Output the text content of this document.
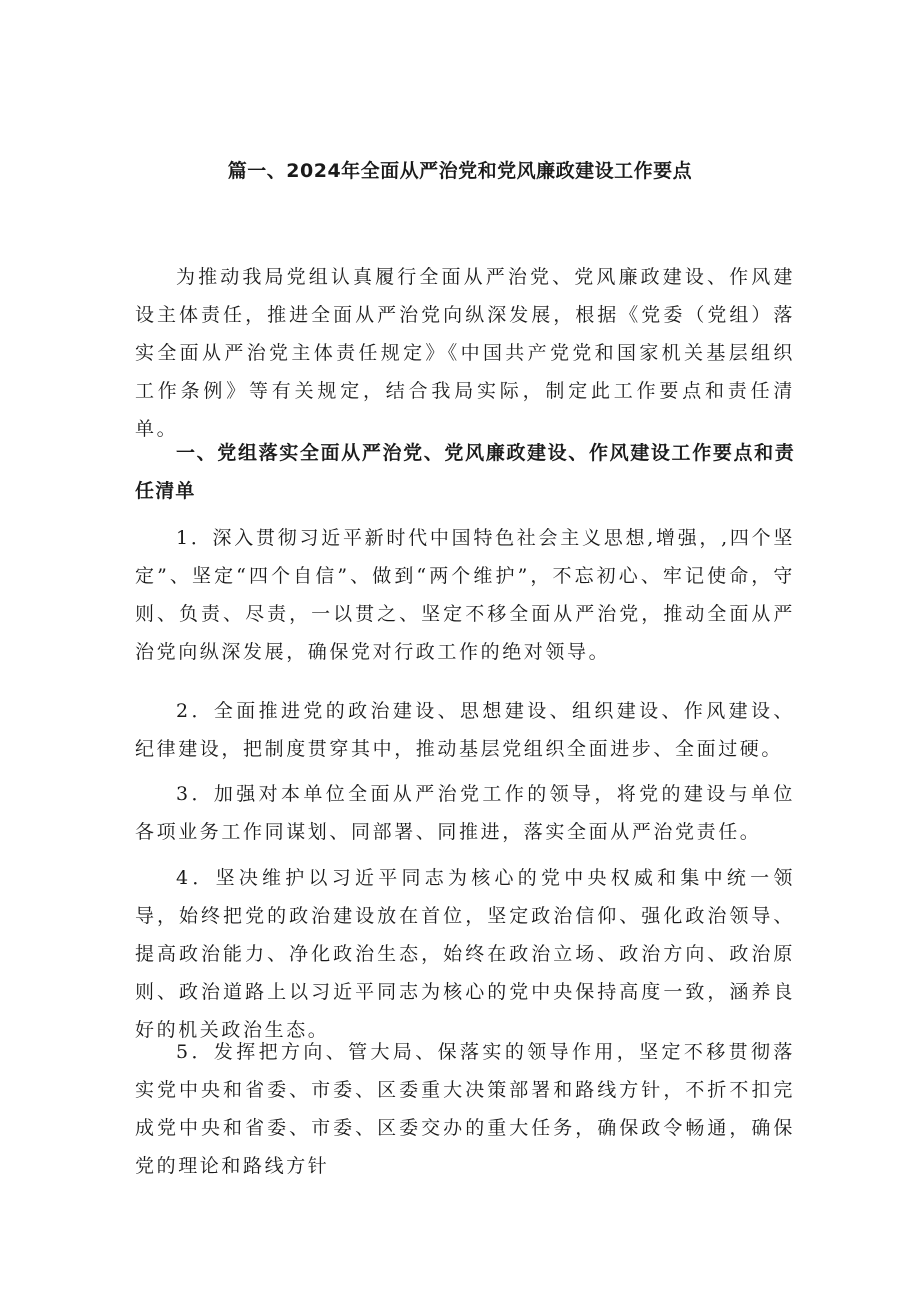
篇一、2024年全面从严治党和党风廉政建设工作要点

为推动我局党组认真履行全面从严治党、党风廉政建设、作风建设主体责任，推进全面从严治党向纵深发展，根据《党委（党组）落实全面从严治党主体责任规定》《中国共产党党和国家机关基层组织工作条例》等有关规定，结合我局实际，制定此工作要点和责任清单。

一、党组落实全面从严治党、党风廉政建设、作风建设工作要点和责任清单

1．深入贯彻习近平新时代中国特色社会主义思想,增强，,四个坚定”、坚定“四个自信”、做到“两个维护”，不忘初心、牢记使命，守则、负责、尽责，一以贯之、坚定不移全面从严治党，推动全面从严治党向纵深发展，确保党对行政工作的绝对领导。

2．全面推进党的政治建设、思想建设、组织建设、作风建设、纪律建设，把制度贯穿其中，推动基层党组织全面进步、全面过硬。

3．加强对本单位全面从严治党工作的领导，将党的建设与单位各项业务工作同谋划、同部署、同推进，落实全面从严治党责任。

4．坚决维护以习近平同志为核心的党中央权威和集中统一领导，始终把党的政治建设放在首位，坚定政治信仰、强化政治领导、提高政治能力、净化政治生态，始终在政治立场、政治方向、政治原则、政治道路上以习近平同志为核心的党中央保持高度一致，涵养良好的机关政治生态。

5．发挥把方向、管大局、保落实的领导作用，坚定不移贯彻落实党中央和省委、市委、区委重大决策部署和路线方针，不折不扣完成党中央和省委、市委、区委交办的重大任务，确保政令畅通，确保党的理论和路线方针
